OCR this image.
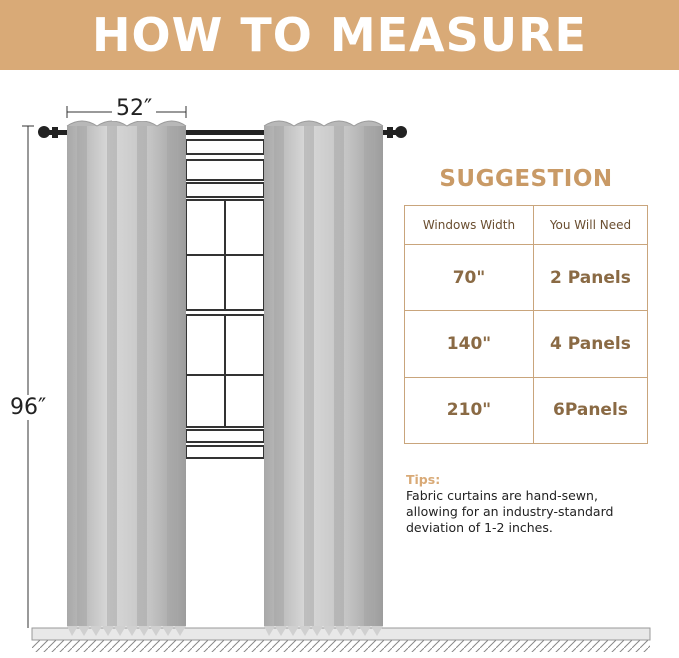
HOW TO MEASURE
52″
96″
SUGGESTION
Windows Width	You Will Need
70"	2 Panels
140"	4 Panels
210"	6Panels
Tips: Fabric curtains are hand-sewn, allowing for an industry-standard deviation of 1-2 inches.
